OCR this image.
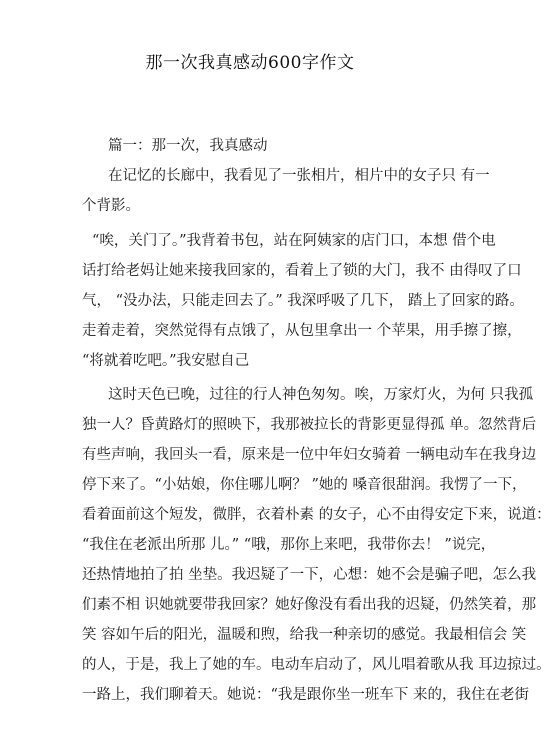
那一次我真感动600字作文
篇一：那一次，我真感动
在记忆的长廊中，我看见了一张相片，相片中的女子只 有一
个背影。
“唉，关门了。”我背着书包，站在阿姨家的店门口，本想 借个电
话打给老妈让她来接我回家的，看着上了锁的大门，我不 由得叹了口
气， “没办法，只能走回去了。” 我深呼吸了几下， 踏上了回家的路。
走着走着，突然觉得有点饿了，从包里拿出一 个苹果，用手擦了擦，
“将就着吃吧。”我安慰自己
这时天色已晚，过往的行人神色匆匆。唉，万家灯火，为何 只我孤
独一人？昏黄路灯的照映下，我那被拉长的背影更显得孤 单。忽然背后
有些声响，我回头一看，原来是一位中年妇女骑着 一辆电动车在我身边
停下来了。“小姑娘，你住哪儿啊？ ”她的 嗓音很甜润。我愣了一下，
看着面前这个短发，微胖，衣着朴素 的女子，心不由得安定下来，说道：
“我住在老派出所那 儿。” “哦，那你上来吧，我带你去！ ”说完，
还热情地拍了拍 坐垫。我迟疑了一下，心想：她不会是骗子吧，怎么我
们素不相 识她就要带我回家？她好像没有看出我的迟疑，仍然笑着，那
笑 容如午后的阳光，温暖和煦，给我一种亲切的感觉。我最相信会 笑
的人，于是，我上了她的车。电动车启动了，风儿唱着歌从我 耳边掠过。
一路上，我们聊着天。她说：“我是跟你坐一班车下 来的，我住在老街
